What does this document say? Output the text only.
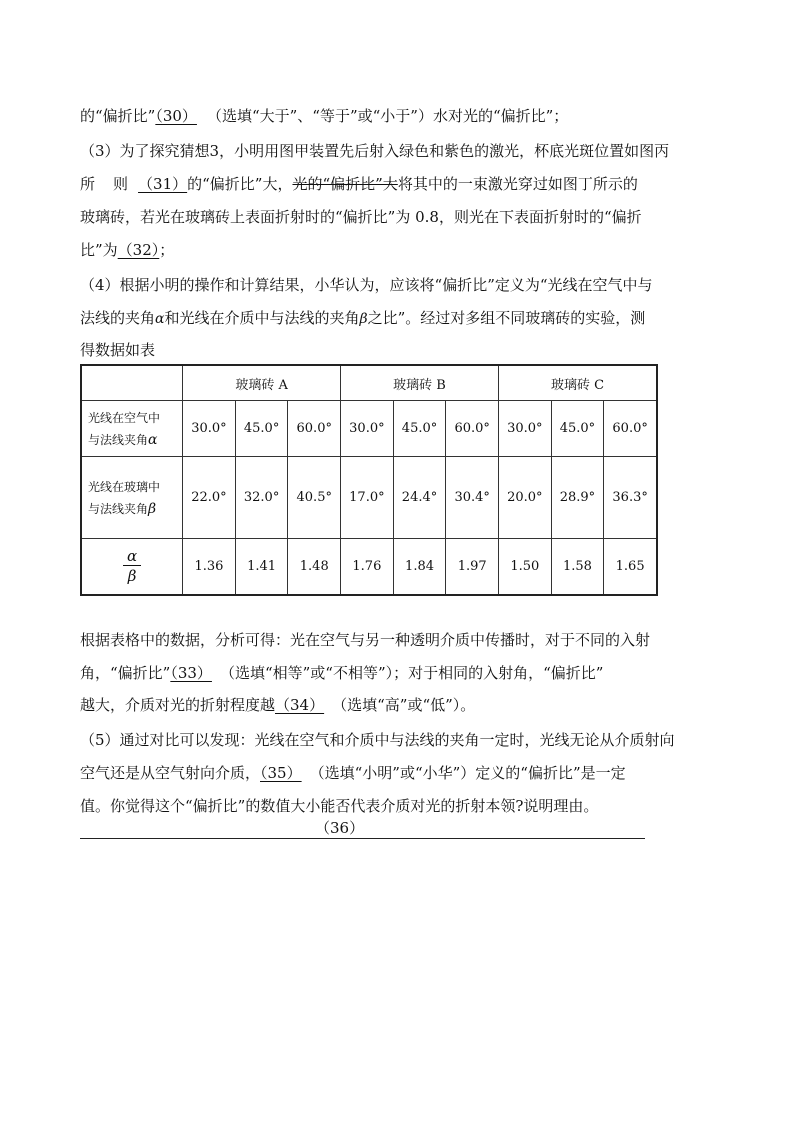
的“偏折比”（30） （选填“大于”、“等于”或“小于”）水对光的“偏折比”；
（3）为了探究猜想3，小明用图甲装置先后射入绿色和紫色的激光，杯底光斑位置如图丙
所 则 （31）的“偏折比”大，光的“偏折比”大将其中的一束激光穿过如图丁所示的
玻璃砖，若光在玻璃砖上表面折射时的“偏折比”为 0.8，则光在下表面折射时的“偏折
比”为（32）；
（4）根据小明的操作和计算结果，小华认为，应该将“偏折比”定义为“光线在空气中与
法线的夹角α和光线在介质中与法线的夹角β之比”。经过对多组不同玻璃砖的实验，测
得数据如表
	玻璃砖 A			玻璃砖 B			玻璃砖 C		

光线在空气中
与法线夹角α	30.0°	45.0°	60.0°	30.0°	45.0°	60.0°	30.0°	45.0°	60.0°

光线在玻璃中
与法线夹角β	22.0°	32.0°	40.5°	17.0°	24.4°	30.4°	20.0°	28.9°	36.3°

$\frac{\alpha}{\beta}$	1.36	1.41	1.48	1.76	1.84	1.97	1.50	1.58	1.65
根据表格中的数据，分析可得：光在空气与另一种透明介质中传播时，对于不同的入射
角，“偏折比”（33） （选填“相等”或“不相等”）；对于相同的入射角，“偏折比”
越大，介质对光的折射程度越（34） （选填“高”或“低”）。
（5）通过对比可以发现：光线在空气和介质中与法线的夹角一定时，光线无论从介质射向
空气还是从空气射向介质，（35） （选填“小明”或“小华”）定义的“偏折比”是一定
值。你觉得这个“偏折比”的数值大小能否代表介质对光的折射本领?说明理由。
（36）
